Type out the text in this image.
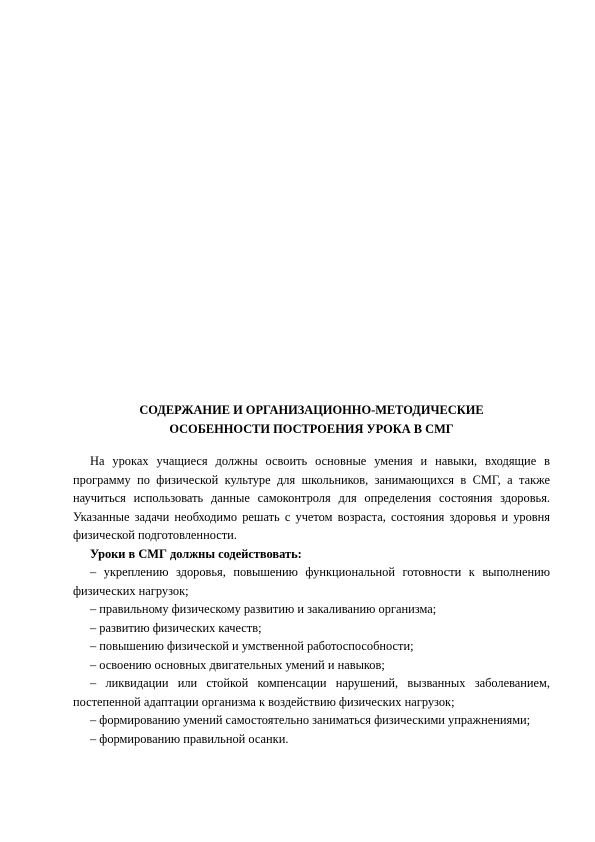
СОДЕРЖАНИЕ И ОРГАНИЗАЦИОННО-МЕТОДИЧЕСКИЕ
ОСОБЕННОСТИ ПОСТРОЕНИЯ УРОКА В СМГ

На уроках учащиеся должны освоить основные умения и навыки, входящие в программу по физической культуре для школьников, занимающихся в СМГ, а также научиться использовать данные самоконтроля для определения состояния здоровья. Указанные задачи необходимо решать с учетом возраста, состояния здоровья и уровня физической подготовленности.

Уроки в СМГ должны содействовать:

– укреплению здоровья, повышению функциональной готовности к выполнению физических нагрузок;
– правильному физическому развитию и закаливанию организма;
– развитию физических качеств;
– повышению физической и умственной работоспособности;
– освоению основных двигательных умений и навыков;
– ликвидации или стойкой компенсации нарушений, вызванных заболеванием, постепенной адаптации организма к воздействию физических нагрузок;
– формированию умений самостоятельно заниматься физическими упражнениями;
– формированию правильной осанки.
